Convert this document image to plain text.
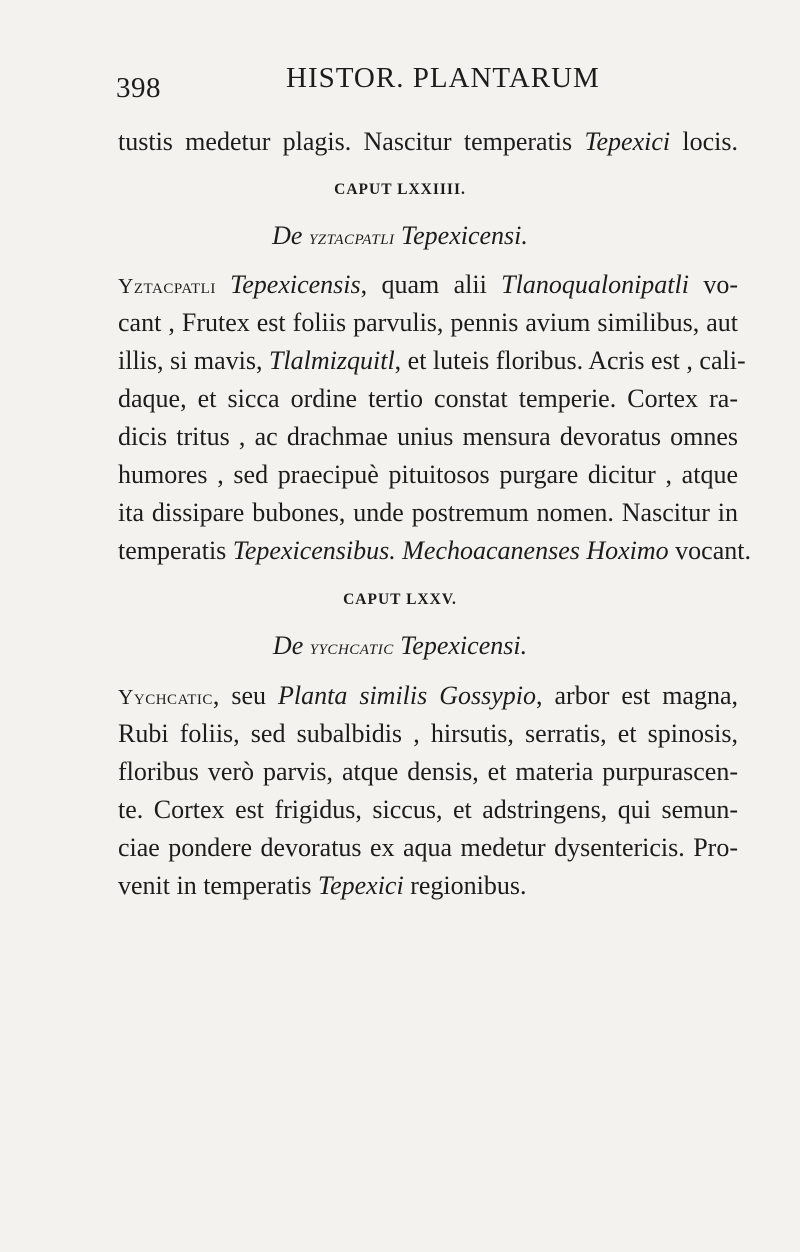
398	HISTOR. PLANTARUM
tustis medetur plagis. Nascitur temperatis Tepexici locis.
CAPUT LXXIIII.
De yztacpatli Tepexicensi.
Yztacpatli Tepexicensis, quam alii Tlanoqualonipatli vo-
cant , Frutex est foliis parvulis, pennis avium similibus, aut
illis, si mavis, Tlalmizquitl, et luteis floribus. Acris est , cali-
daque, et sicca ordine tertio constat temperie. Cortex ra-
dicis tritus , ac drachmae unius mensura devoratus omnes
humores , sed praecipuè pituitosos purgare dicitur , atque
ita dissipare bubones, unde postremum nomen. Nascitur in
temperatis Tepexicensibus. Mechoacanenses Hoximo vocant.
CAPUT LXXV.
De yychcatic Tepexicensi.
Yychcatic, seu Planta similis Gossypio, arbor est magna,
Rubi foliis, sed subalbidis , hirsutis, serratis, et spinosis,
floribus verò parvis, atque densis, et materia purpurascen-
te. Cortex est frigidus, siccus, et adstringens, qui semun-
ciae pondere devoratus ex aqua medetur dysentericis. Pro-
venit in temperatis Tepexici regionibus.
